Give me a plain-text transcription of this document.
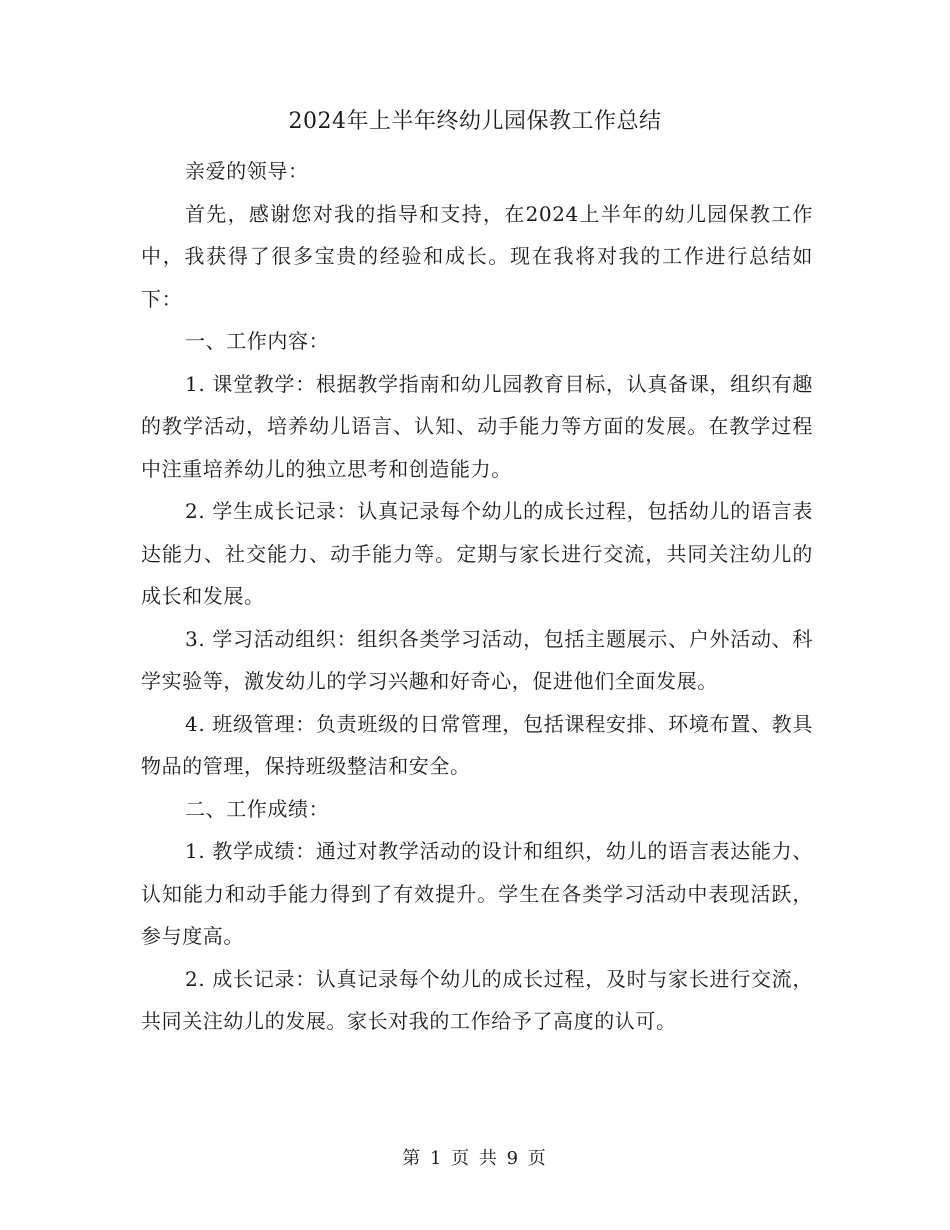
2024年上半年终幼儿园保教工作总结

亲爱的领导：

首先，感谢您对我的指导和支持，在2024上半年的幼儿园保教工作中，我获得了很多宝贵的经验和成长。现在我将对我的工作进行总结如下：

一、工作内容：

1. 课堂教学：根据教学指南和幼儿园教育目标，认真备课，组织有趣的教学活动，培养幼儿语言、认知、动手能力等方面的发展。在教学过程中注重培养幼儿的独立思考和创造能力。

2. 学生成长记录：认真记录每个幼儿的成长过程，包括幼儿的语言表达能力、社交能力、动手能力等。定期与家长进行交流，共同关注幼儿的成长和发展。

3. 学习活动组织：组织各类学习活动，包括主题展示、户外活动、科学实验等，激发幼儿的学习兴趣和好奇心，促进他们全面发展。

4. 班级管理：负责班级的日常管理，包括课程安排、环境布置、教具物品的管理，保持班级整洁和安全。

二、工作成绩：

1. 教学成绩：通过对教学活动的设计和组织，幼儿的语言表达能力、认知能力和动手能力得到了有效提升。学生在各类学习活动中表现活跃，参与度高。

2. 成长记录：认真记录每个幼儿的成长过程，及时与家长进行交流，共同关注幼儿的发展。家长对我的工作给予了高度的认可。

第 1 页 共 9 页
